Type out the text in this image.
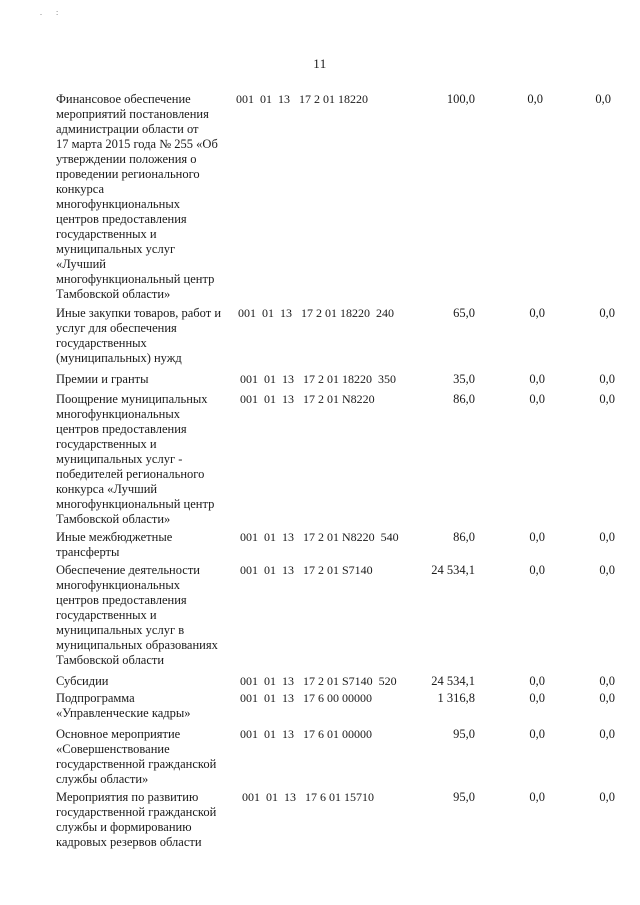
. :
11
Финансовое обеспечение
мероприятий постановления
администрации области от
17 марта 2015 года № 255 «Об
утверждении положения о
проведении регионального
конкурса
многофункциональных
центров предоставления
государственных и
муниципальных услуг
«Лучший
многофункциональный центр
Тамбовской области»
001  01  13   17 2 01 18220	100,0	0,0	0,0
Иные закупки товаров, работ и
услуг для обеспечения
государственных
(муниципальных) нужд
001  01  13   17 2 01 18220  240	65,0	0,0	0,0
Премии и гранты	001  01  13   17 2 01 18220  350	35,0	0,0	0,0
Поощрение муниципальных
многофункциональных
центров предоставления
государственных и
муниципальных услуг -
победителей регионального
конкурса «Лучший
многофункциональный центр
Тамбовской области»
001  01  13   17 2 01 N8220	86,0	0,0	0,0
Иные межбюджетные
трансферты
001  01  13   17 2 01 N8220  540	86,0	0,0	0,0
Обеспечение деятельности
многофункциональных
центров предоставления
государственных и
муниципальных услуг в
муниципальных образованиях
Тамбовской области
001  01  13   17 2 01 S7140	24 534,1	0,0	0,0
Субсидии	001  01  13   17 2 01 S7140  520	24 534,1	0,0	0,0
Подпрограмма
«Управленческие кадры»
001  01  13   17 6 00 00000	1 316,8	0,0	0,0
Основное мероприятие
«Совершенствование
государственной гражданской
службы области»
001  01  13   17 6 01 00000	95,0	0,0	0,0
Мероприятия по развитию
государственной гражданской
службы и формированию
кадровых резервов области
001  01  13   17 6 01 15710	95,0	0,0	0,0
